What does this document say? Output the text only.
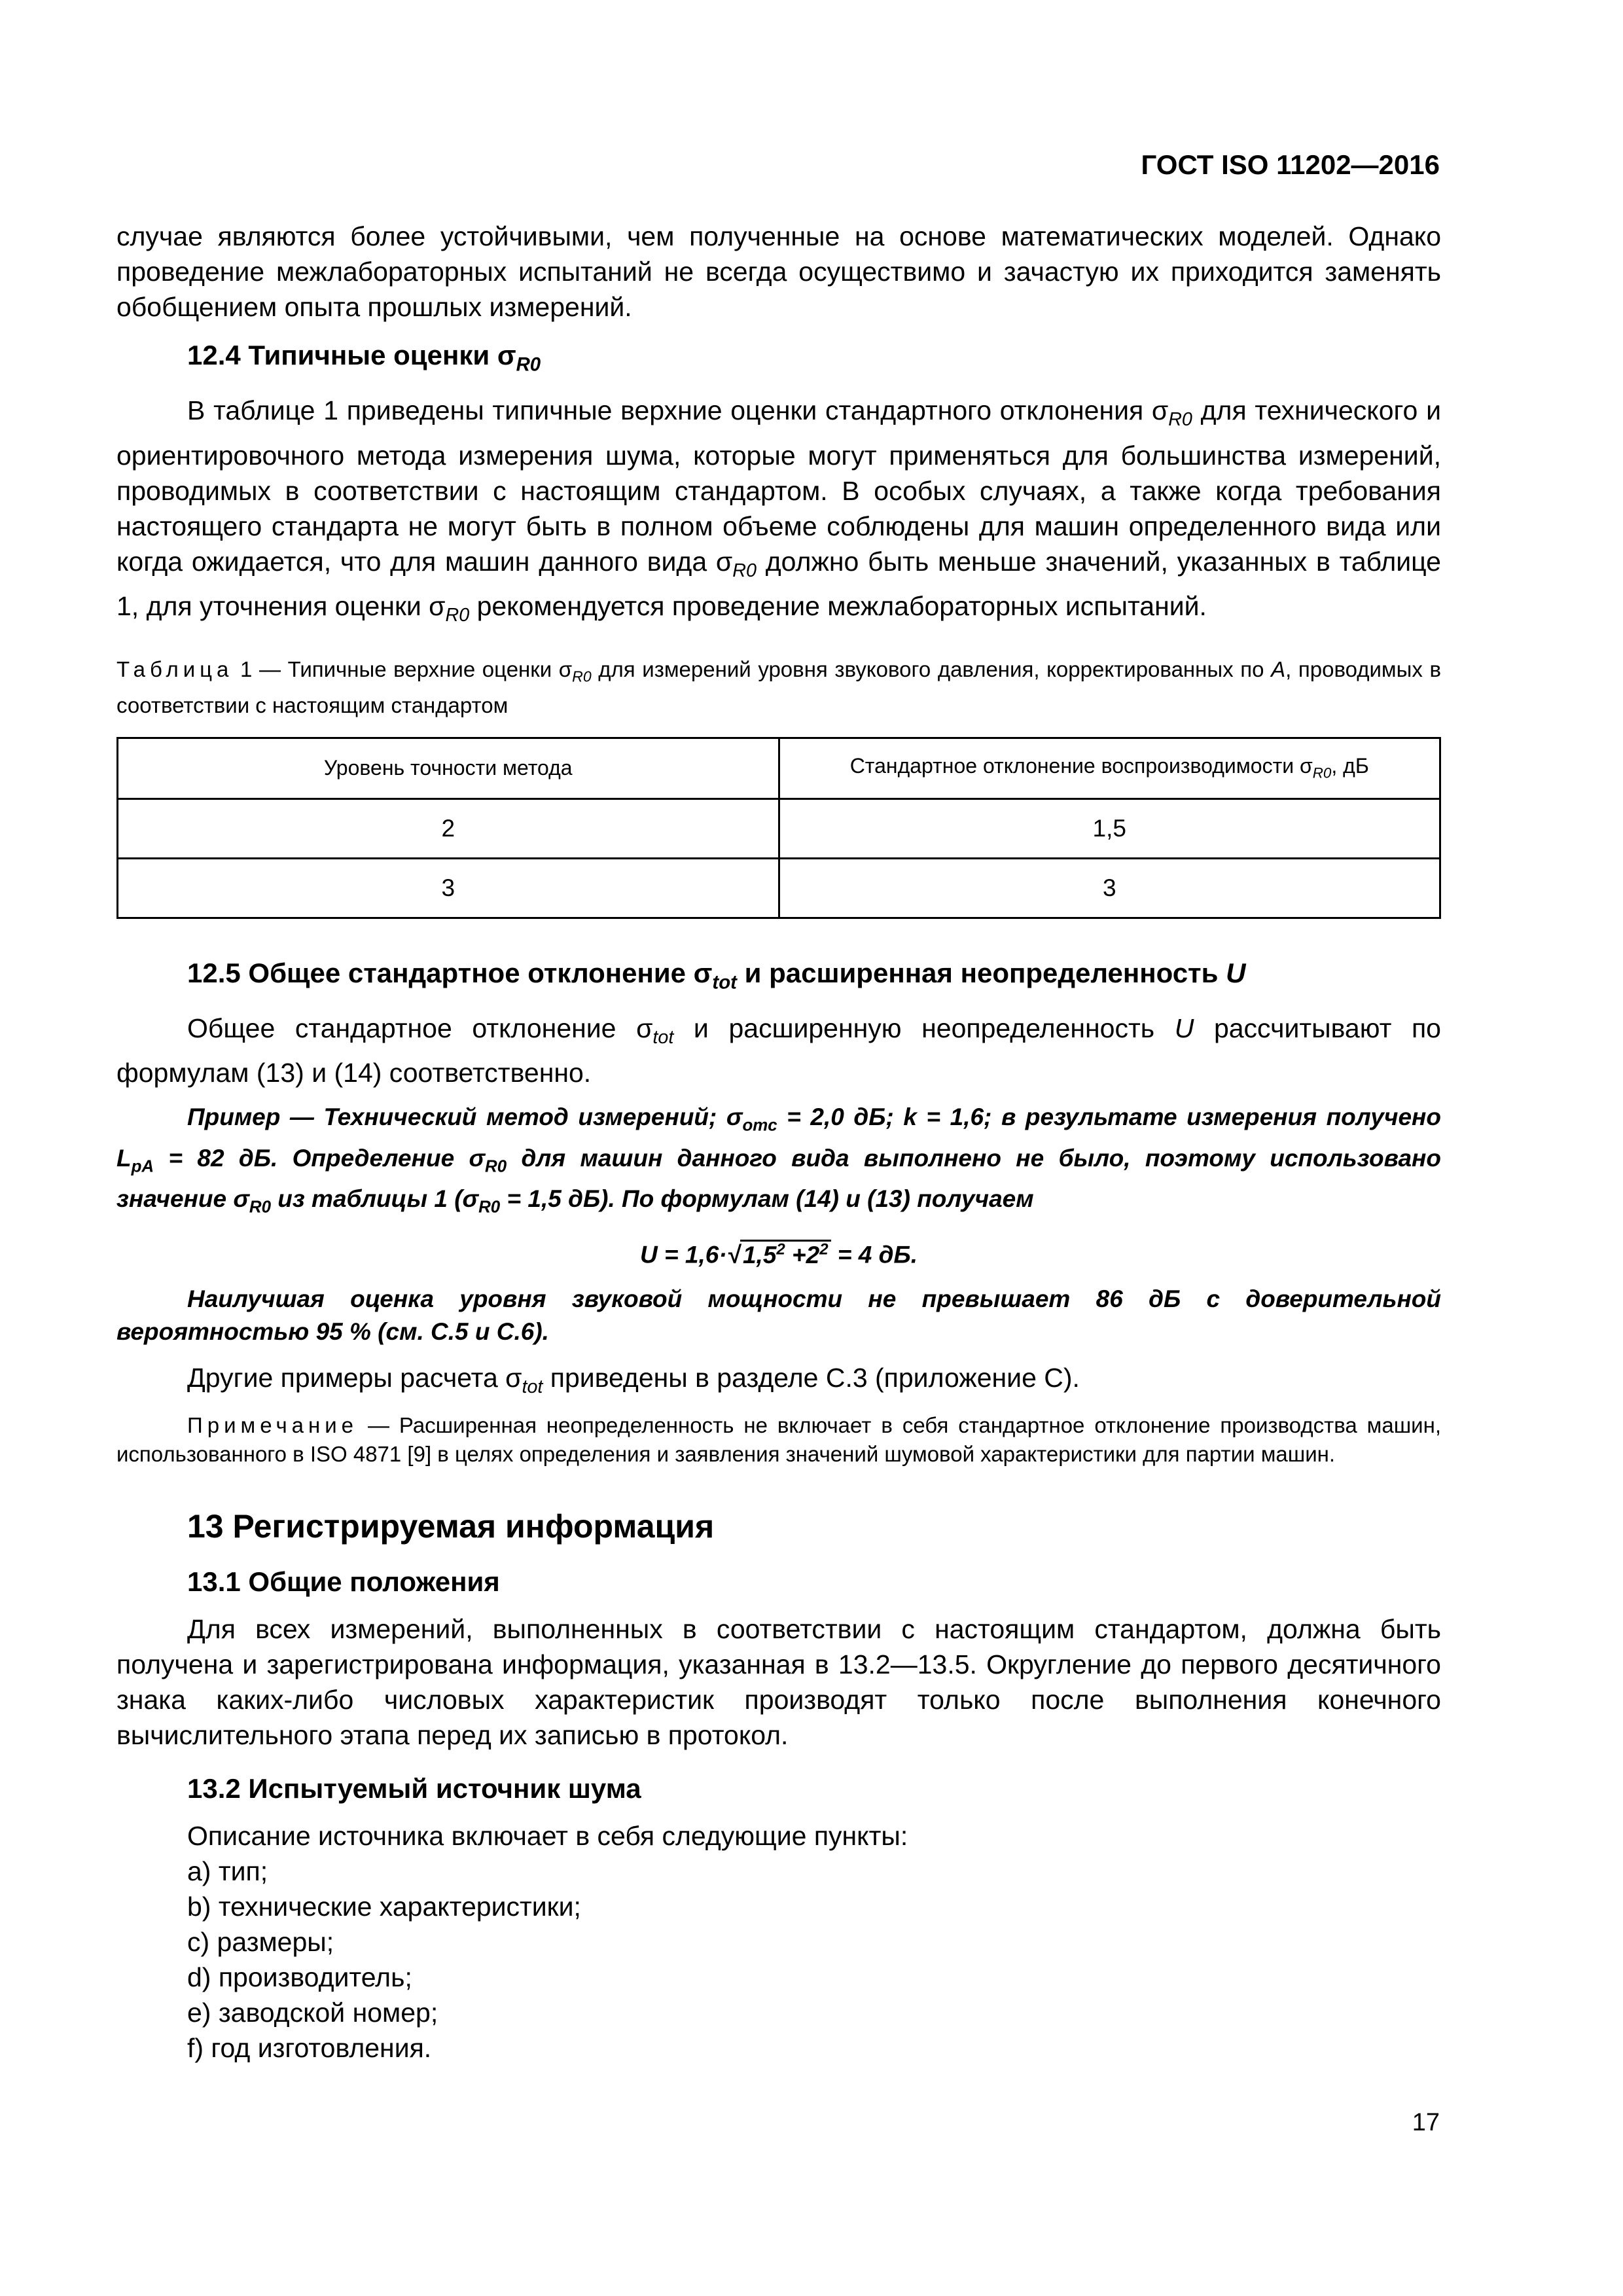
ГОСТ ISO 11202—2016

случае являются более устойчивыми, чем полученные на основе математических моделей. Однако проведение межлабораторных испытаний не всегда осуществимо и зачастую их приходится заменять обобщением опыта прошлых измерений.

12.4 Типичные оценки $\sigma_{R0}$

В таблице 1 приведены типичные верхние оценки стандартного отклонения $\sigma_{R0}$ для технического и ориентировочного метода измерения шума, которые могут применяться для большинства измерений, проводимых в соответствии с настоящим стандартом. В особых случаях, а также когда требования настоящего стандарта не могут быть в полном объеме соблюдены для машин определенного вида или когда ожидается, что для машин данного вида $\sigma_{R0}$ должно быть меньше значений, указанных в таблице 1, для уточнения оценки $\sigma_{R0}$ рекомендуется проведение межлабораторных испытаний.

Таблица 1 — Типичные верхние оценки $\sigma_{R0}$ для измерений уровня звукового давления, корректированных по A, проводимых в соответствии с настоящим стандартом

Уровень точности метода	Стандартное отклонение воспроизводимости $\sigma_{R0}$, дБ
2	1,5
3	3

12.5 Общее стандартное отклонение $\sigma_{tot}$ и расширенная неопределенность U

Общее стандартное отклонение $\sigma_{tot}$ и расширенную неопределенность U рассчитывают по формулам (13) и (14) соответственно.

Пример — Технический метод измерений; $\sigma_{omc} = 2,0$ дБ; k = 1,6; в результате измерения получено $L_{pA} = 82$ дБ. Определение $\sigma_{R0}$ для машин данного вида выполнено не было, поэтому использовано значение $\sigma_{R0}$ из таблицы 1 ($\sigma_{R0} = 1,5$ дБ). По формулам (14) и (13) получаем

U = 1,6·√ $1,5^2 +2^2 = 4$ дБ.

Наилучшая оценка уровня звуковой мощности не превышает 86 дБ с доверительной вероятностью 95 % (см. С.5 и С.6).

Другие примеры расчета $\sigma_{tot}$ приведены в разделе С.3 (приложение С).

Примечание — Расширенная неопределенность не включает в себя стандартное отклонение производства машин, использованного в ISO 4871 [9] в целях определения и заявления значений шумовой характеристики для партии машин.

13 Регистрируемая информация

13.1 Общие положения

Для всех измерений, выполненных в соответствии с настоящим стандартом, должна быть получена и зарегистрирована информация, указанная в 13.2—13.5. Округление до первого десятичного знака каких-либо числовых характеристик производят только после выполнения конечного вычислительного этапа перед их записью в протокол.

13.2 Испытуемый источник шума

Описание источника включает в себя следующие пункты:

a) тип;

b) технические характеристики;

c) размеры;

d) производитель;

e) заводской номер;

f) год изготовления.

17
